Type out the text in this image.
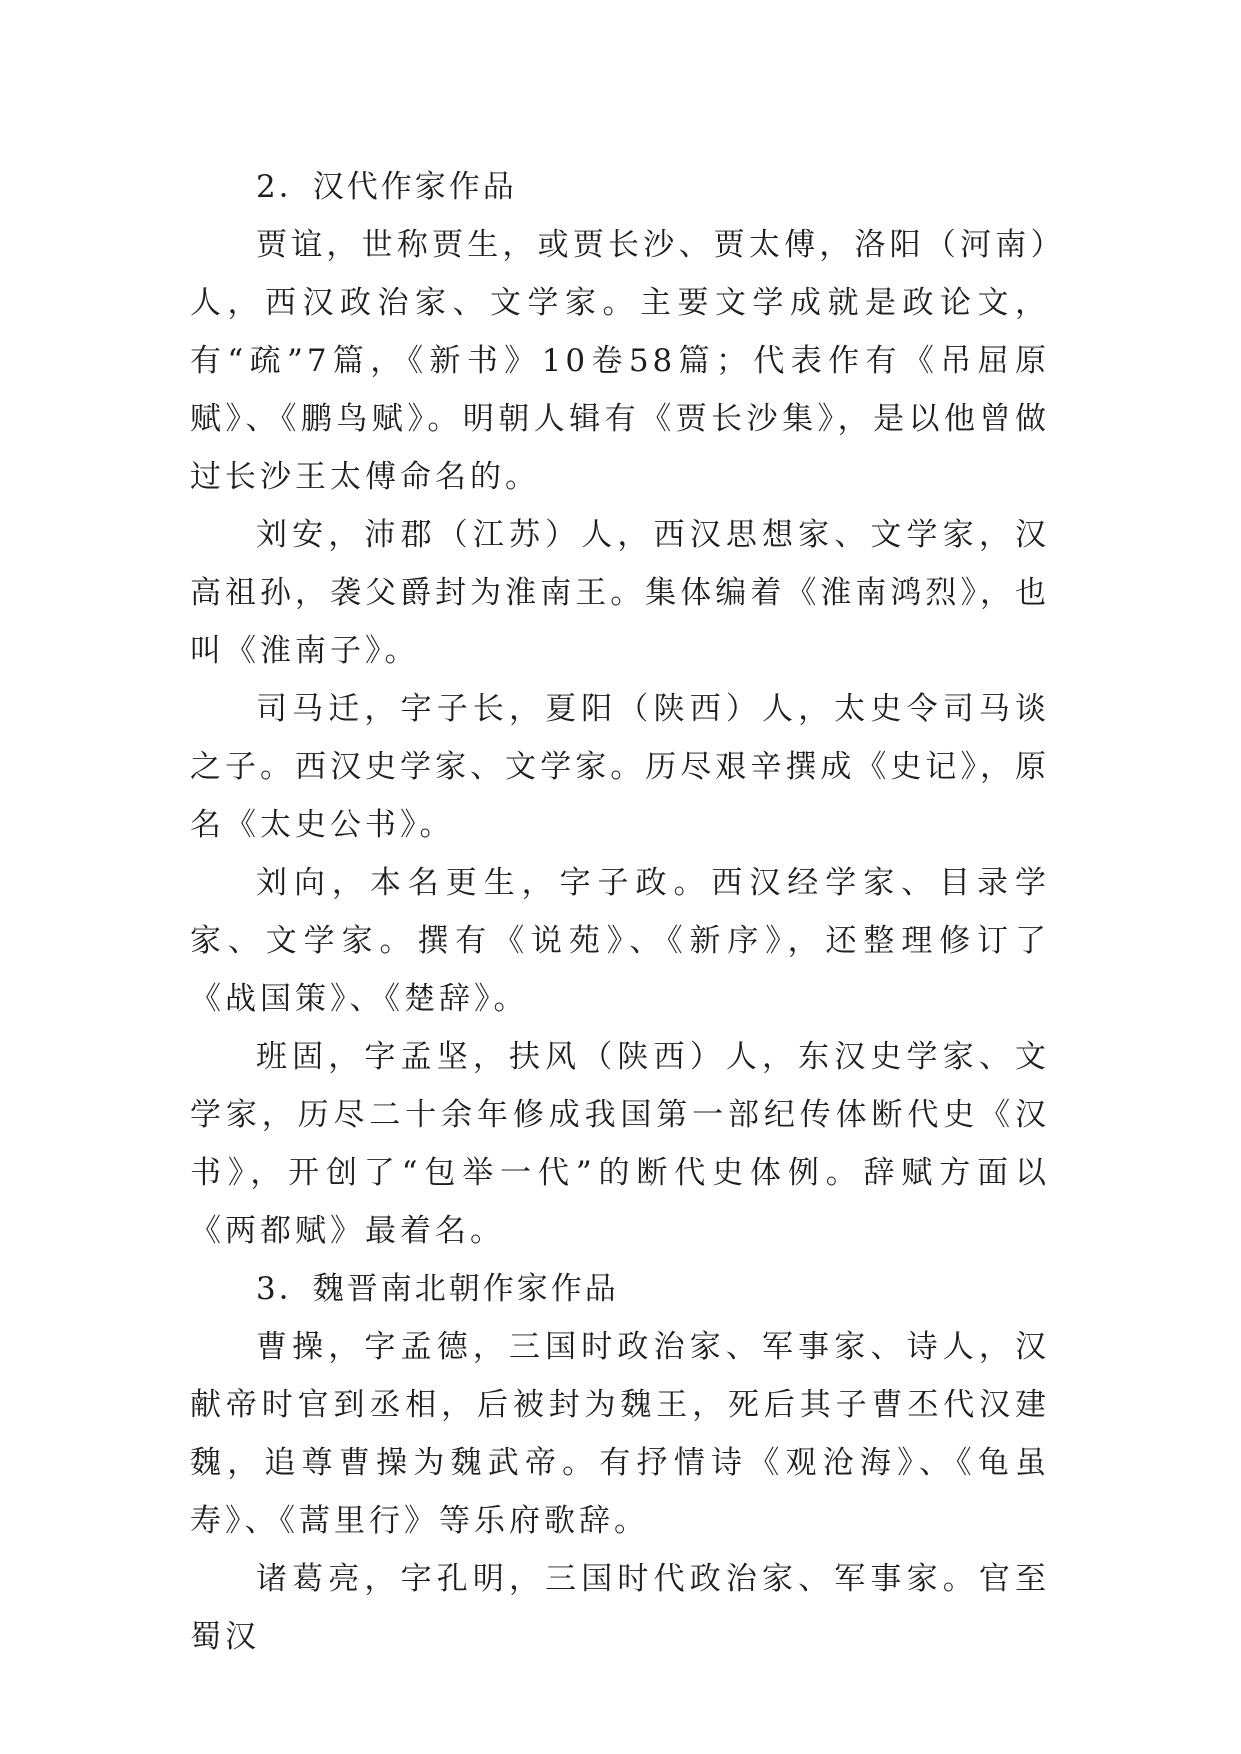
2．汉代作家作品

贾谊，世称贾生，或贾长沙、贾太傅，洛阳（河南）人，西汉政治家、文学家。主要文学成就是政论文，有“疏”7篇，《新书》10卷58篇；代表作有《吊屈原赋》、《鹏鸟赋》。明朝人辑有《贾长沙集》，是以他曾做过长沙王太傅命名的。

刘安，沛郡（江苏）人，西汉思想家、文学家，汉高祖孙，袭父爵封为淮南王。集体编着《淮南鸿烈》，也叫《淮南子》。

司马迁，字子长，夏阳（陕西）人，太史令司马谈之子。西汉史学家、文学家。历尽艰辛撰成《史记》，原名《太史公书》。

刘向，本名更生，字子政。西汉经学家、目录学家、文学家。撰有《说苑》、《新序》，还整理修订了《战国策》、《楚辞》。

班固，字孟坚，扶风（陕西）人，东汉史学家、文学家，历尽二十余年修成我国第一部纪传体断代史《汉书》，开创了“包举一代”的断代史体例。辞赋方面以《两都赋》最着名。

3．魏晋南北朝作家作品

曹操，字孟德，三国时政治家、军事家、诗人，汉献帝时官到丞相，后被封为魏王，死后其子曹丕代汉建魏，追尊曹操为魏武帝。有抒情诗《观沧海》、《龟虽寿》、《蒿里行》等乐府歌辞。

诸葛亮，字孔明，三国时代政治家、军事家。官至蜀汉
